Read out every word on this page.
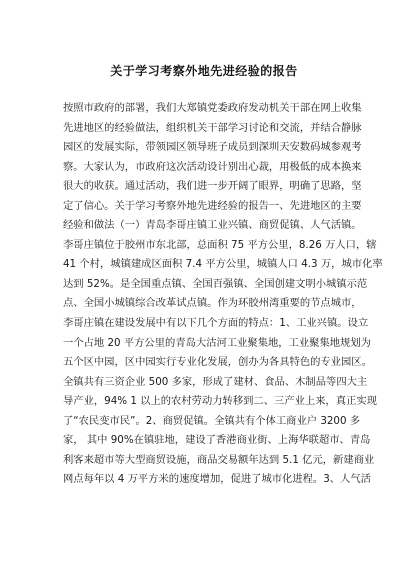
关于学习考察外地先进经验的报告
按照市政府的部署，我们大郑镇党委政府发动机关干部在网上收集
先进地区的经验做法，组织机关干部学习讨论和交流，并结合静脉
园区的发展实际，带领园区领导班子成员到深圳天安数码城参观考
察。大家认为，市政府这次活动设计别出心裁，用极低的成本换来
很大的收获。通过活动，我们进一步开阔了眼界，明确了思路，坚
定了信心。关于学习考察外地先进经验的报告一、先进地区的主要
经验和做法（一）青岛李哥庄镇工业兴镇、商贸促镇、人气活镇。
李哥庄镇位于胶州市东北部，总面积 75 平方公里，8.26 万人口，辖
41 个村，城镇建成区面积 7.4 平方公里，城镇人口 4.3 万，城市化率
达到 52%。是全国重点镇、全国百强镇、全国创建文明小城镇示范
点、全国小城镇综合改革试点镇。作为环胶州湾重要的节点城市，
李哥庄镇在建设发展中有以下几个方面的特点：1、工业兴镇。设立
一个占地 20 平方公里的青岛大沽河工业聚集地，工业聚集地规划为
五个区中园，区中园实行专业化发展，创办为各具特色的专业园区。
全镇共有三资企业 500 多家，形成了建材、食品、木制品等四大主
导产业，94% 1 以上的农村劳动力转移到二、三产业上来，真正实现
了“农民变市民”。2、商贸促镇。全镇共有个体工商业户 3200 多
家， 其中 90%在镇驻地，建设了香港商业街、上海华联超市、青岛
利客来超市等大型商贸设施，商品交易额年达到 5.1 亿元，新建商业
网点每年以 4 万平方米的速度增加，促进了城市化进程。3、人气活
